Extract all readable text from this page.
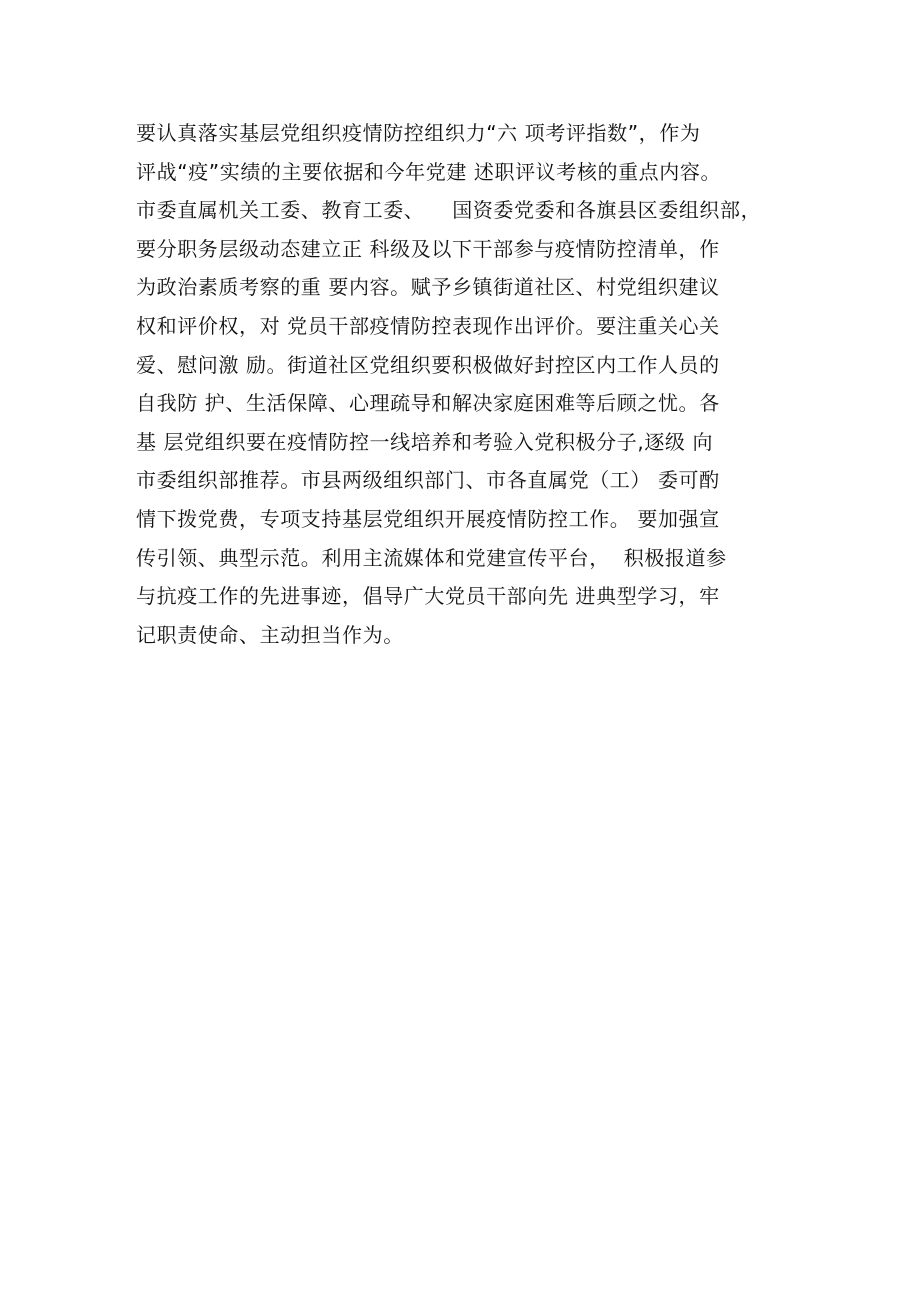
要认真落实基层党组织疫情防控组织力“六 项考评指数”，作为
评战“疫”实绩的主要依据和今年党建 述职评议考核的重点内容。
市委直属机关工委、教育工委、    国资委党委和各旗县区委组织部，
要分职务层级动态建立正 科级及以下干部参与疫情防控清单，作
为政治素质考察的重 要内容。赋予乡镇街道社区、村党组织建议
权和评价权，对 党员干部疫情防控表现作出评价。要注重关心关
爱、慰问激 励。街道社区党组织要积极做好封控区内工作人员的
自我防 护、生活保障、心理疏导和解决家庭困难等后顾之忧。各
基 层党组织要在疫情防控一线培养和考验入党积极分子,逐级 向
市委组织部推荐。市县两级组织部门、市各直属党（工） 委可酌
情下拨党费，专项支持基层党组织开展疫情防控工作。 要加强宣
传引领、典型示范。利用主流媒体和党建宣传平台，  积极报道参
与抗疫工作的先进事迹，倡导广大党员干部向先 进典型学习，牢
记职责使命、主动担当作为。
